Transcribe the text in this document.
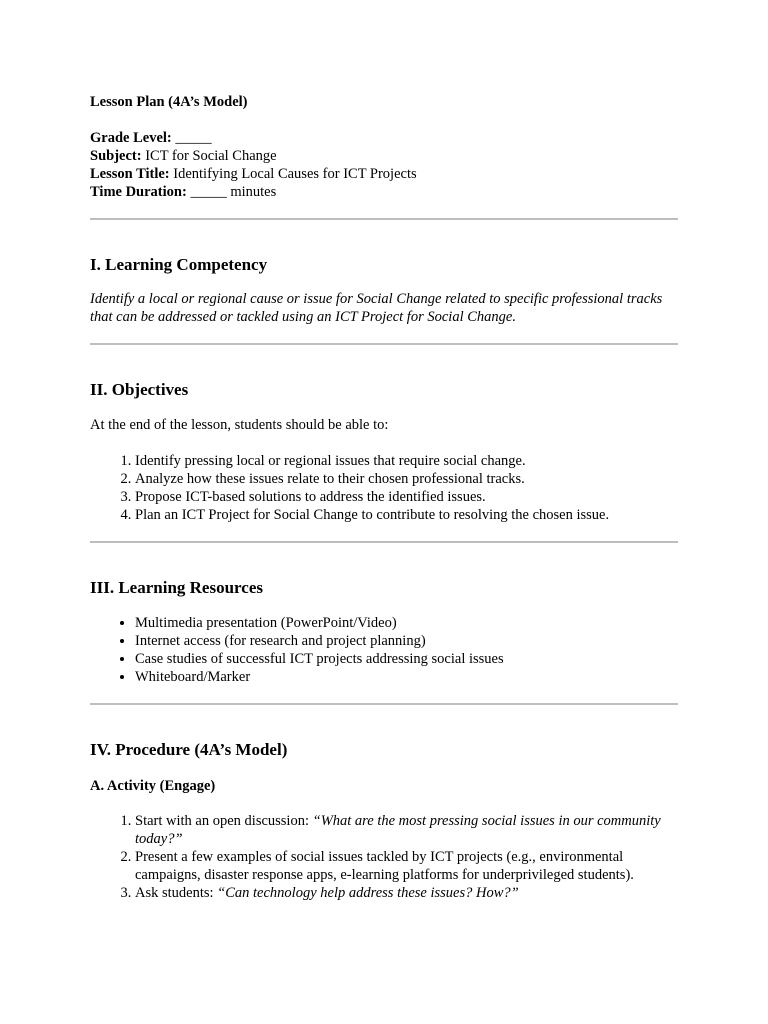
Lesson Plan (4A’s Model)

Grade Level: _____

Subject: ICT for Social Change

Lesson Title: Identifying Local Causes for ICT Projects

Time Duration: _____ minutes

I. Learning Competency

Identify a local or regional cause or issue for Social Change related to specific professional tracks that can be addressed or tackled using an ICT Project for Social Change.

II. Objectives

At the end of the lesson, students should be able to:

1. Identify pressing local or regional issues that require social change.
2. Analyze how these issues relate to their chosen professional tracks.
3. Propose ICT-based solutions to address the identified issues.
4. Plan an ICT Project for Social Change to contribute to resolving the chosen issue.
III. Learning Resources
• Multimedia presentation (PowerPoint/Video)
• Internet access (for research and project planning)
• Case studies of successful ICT projects addressing social issues
• Whiteboard/Marker
IV. Procedure (4A’s Model)

A. Activity (Engage)

1. Start with an open discussion: “What are the most pressing social issues in our community today?”
2. Present a few examples of social issues tackled by ICT projects (e.g., environmental campaigns, disaster response apps, e-learning platforms for underprivileged students).
3. Ask students: “Can technology help address these issues? How?”
